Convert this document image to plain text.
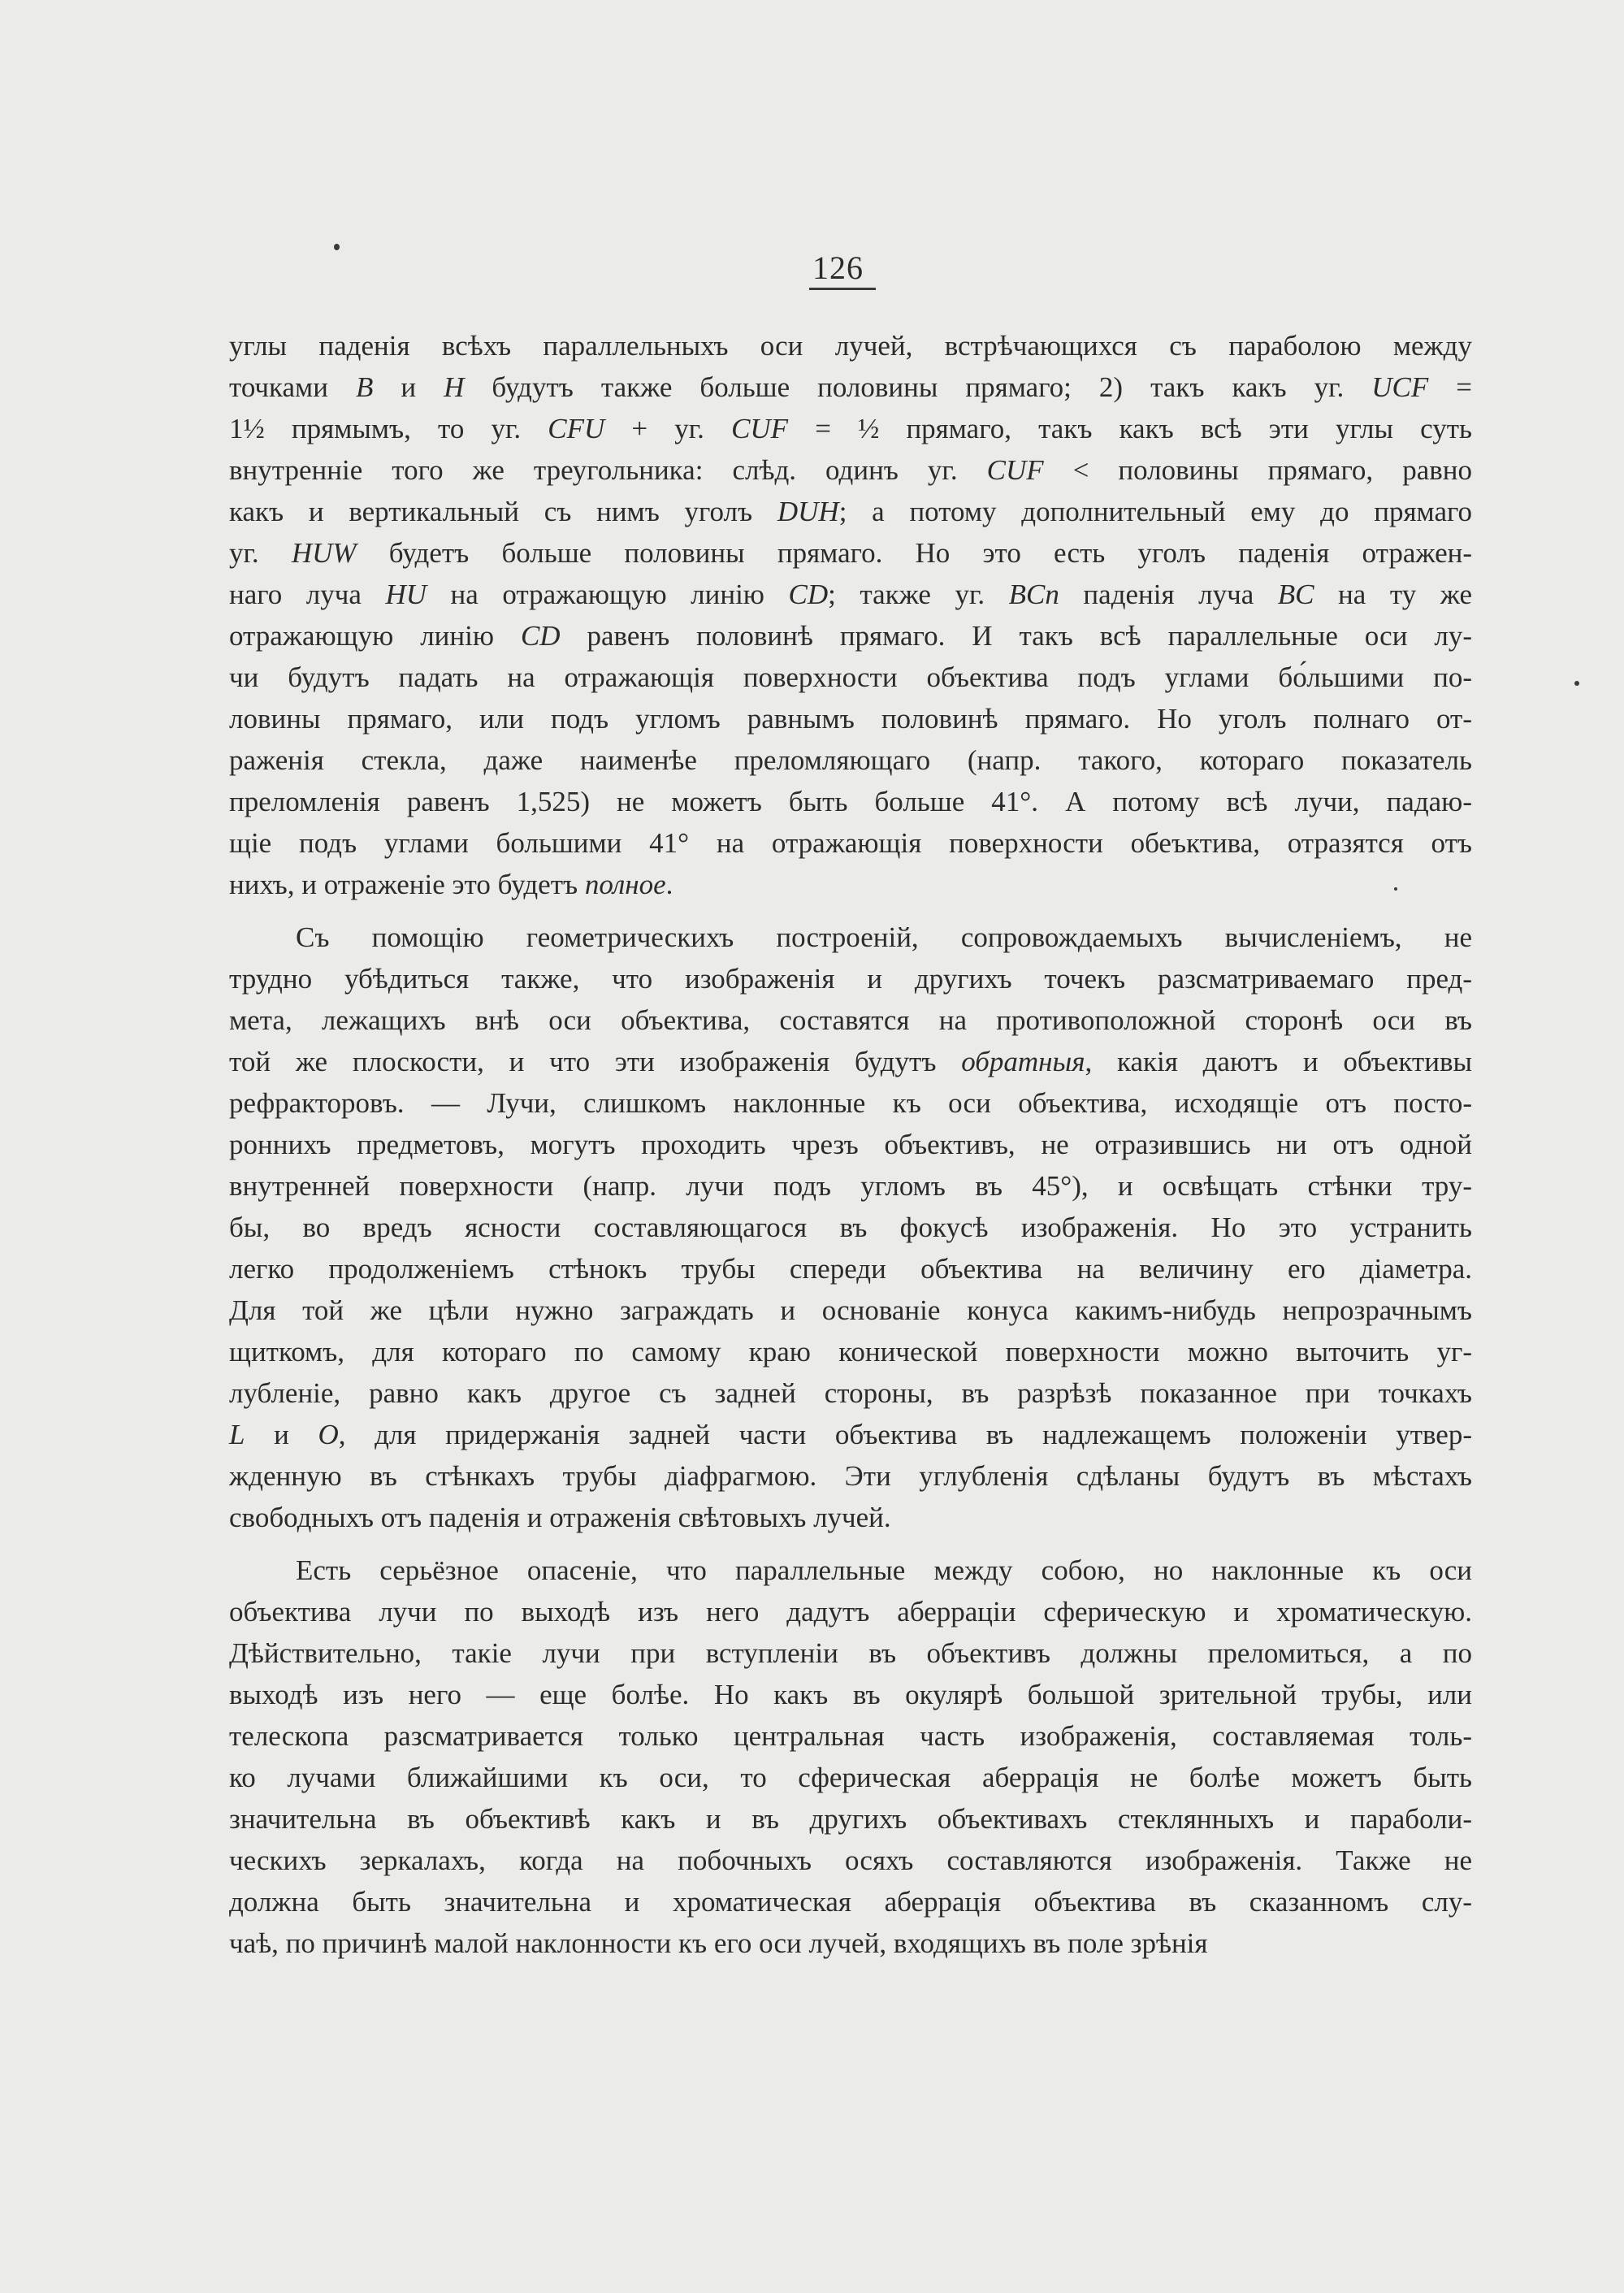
126
углы паденія всѣхъ параллельныхъ оси лучей, встрѣчающихся съ параболою между
точками B и H будутъ также больше половины прямаго; 2) такъ какъ уг. UCF =
1½ прямымъ, то уг. CFU + уг. CUF = ½ прямаго, такъ какъ всѣ эти углы суть
внутренніе того же треугольника: слѣд. одинъ уг. CUF < половины прямаго, равно
какъ и вертикальный съ нимъ уголъ DUH; а потому дополнительный ему до прямаго
уг. HUW будетъ больше половины прямаго. Но это есть уголъ паденія отражен-
наго луча HU на отражающую линію CD; также уг. BCn паденія луча BC на ту же
отражающую линію CD равенъ половинѣ прямаго. И такъ всѣ параллельные оси лу-
чи будутъ падать на отражающія поверхности объектива подъ углами бо́льшими по-
ловины прямаго, или подъ угломъ равнымъ половинѣ прямаго. Но уголъ полнаго от-
раженія стекла, даже наименѣе преломляющаго (напр. такого, котораго показатель
преломленія равенъ 1,525) не можетъ быть больше 41°. А потому всѣ лучи, падаю-
щіе подъ углами большими 41° на отражающія поверхности обеъктива, отразятся отъ
нихъ, и отраженіе это будетъ полное.
Съ помощію геометрическихъ построеній, сопровождаемыхъ вычисленіемъ, не
трудно убѣдиться также, что изображенія и другихъ точекъ разсматриваемаго пред-
мета, лежащихъ внѣ оси объектива, составятся на противоположной сторонѣ оси въ
той же плоскости, и что эти изображенія будутъ обратныя, какія даютъ и объективы
рефракторовъ. — Лучи, слишкомъ наклонные къ оси объектива, исходящіе отъ посто-
роннихъ предметовъ, могутъ проходить чрезъ объективъ, не отразившись ни отъ одной
внутренней поверхности (напр. лучи подъ угломъ въ 45°), и освѣщать стѣнки тру-
бы, во вредъ ясности составляющагося въ фокусѣ изображенія. Но это устранить
легко продолженіемъ стѣнокъ трубы спереди объектива на величину его діаметра.
Для той же цѣли нужно заграждать и основаніе конуса какимъ-нибудь непрозрачнымъ
щиткомъ, для котораго по самому краю конической поверхности можно выточить уг-
лубленіе, равно какъ другое съ задней стороны, въ разрѣзѣ показанное при точкахъ
L и O, для придержанія задней части объектива въ надлежащемъ положеніи утвер-
жденную въ стѣнкахъ трубы діафрагмою. Эти углубленія сдѣланы будутъ въ мѣстахъ
свободныхъ отъ паденія и отраженія свѣтовыхъ лучей.
Есть серьёзное опасеніе, что параллельные между собою, но наклонные къ оси
объектива лучи по выходѣ изъ него дадутъ аберраціи сферическую и хроматическую.
Дѣйствительно, такіе лучи при вступленіи въ объективъ должны преломиться, а по
выходѣ изъ него — еще болѣе. Но какъ въ окулярѣ большой зрительной трубы, или
телескопа разсматривается только центральная часть изображенія, составляемая толь-
ко лучами ближайшими къ оси, то сферическая аберрація не болѣе можетъ быть
значительна въ объективѣ какъ и въ другихъ объективахъ стеклянныхъ и параболи-
ческихъ зеркалахъ, когда на побочныхъ осяхъ составляются изображенія. Также не
должна быть значительна и хроматическая аберрація объектива въ сказанномъ слу-
чаѣ, по причинѣ малой наклонности къ его оси лучей, входящихъ въ поле зрѣнія
